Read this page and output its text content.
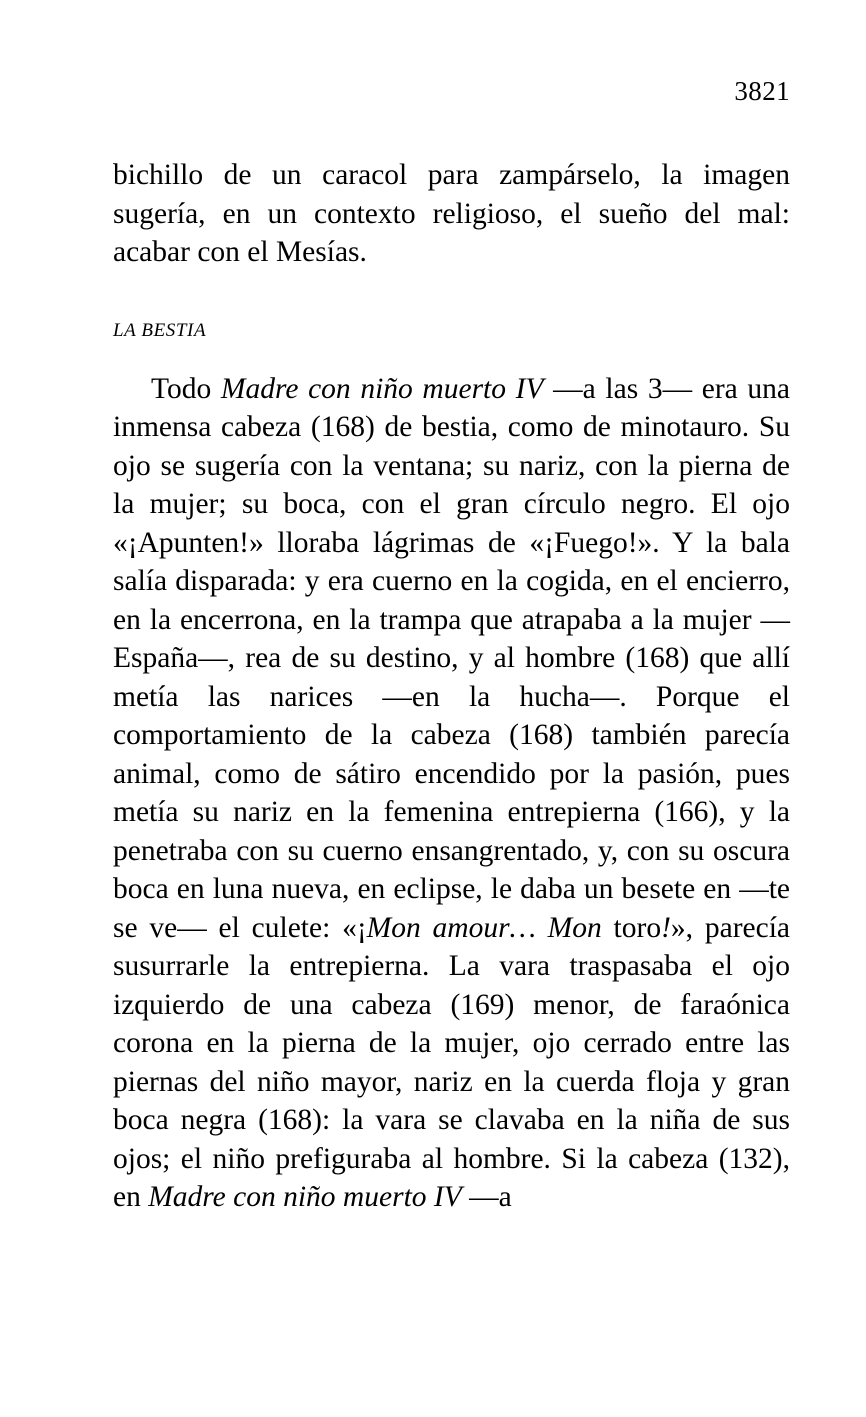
3821

bichillo de un caracol para zampárselo, la imagen sugería, en un contexto religioso, el sueño del mal: acabar con el Mesías.

LA BESTIA

Todo Madre con niño muerto IV —a las 3— era una inmensa cabeza (168) de bestia, como de minotauro. Su ojo se sugería con la ventana; su nariz, con la pierna de la mujer; su boca, con el gran círculo negro. El ojo «¡Apunten!» lloraba lágrimas de «¡Fuego!». Y la bala salía disparada: y era cuerno en la cogida, en el encierro, en la encerrona, en la trampa que atrapaba a la mujer —España—, rea de su destino, y al hombre (168) que allí metía las narices —en la hucha—. Porque el comportamiento de la cabeza (168) también parecía animal, como de sátiro encendido por la pasión, pues metía su nariz en la femenina entrepierna (166), y la penetraba con su cuerno ensangrentado, y, con su oscura boca en luna nueva, en eclipse, le daba un besete en —te se ve— el culete: «¡Mon amour… Mon toro!», parecía susurrarle la entrepierna. La vara traspasaba el ojo izquierdo de una cabeza (169) menor, de faraónica corona en la pierna de la mujer, ojo cerrado entre las piernas del niño mayor, nariz en la cuerda floja y gran boca negra (168): la vara se clavaba en la niña de sus ojos; el niño prefiguraba al hombre. Si la cabeza (132), en Madre con niño muerto IV —a
